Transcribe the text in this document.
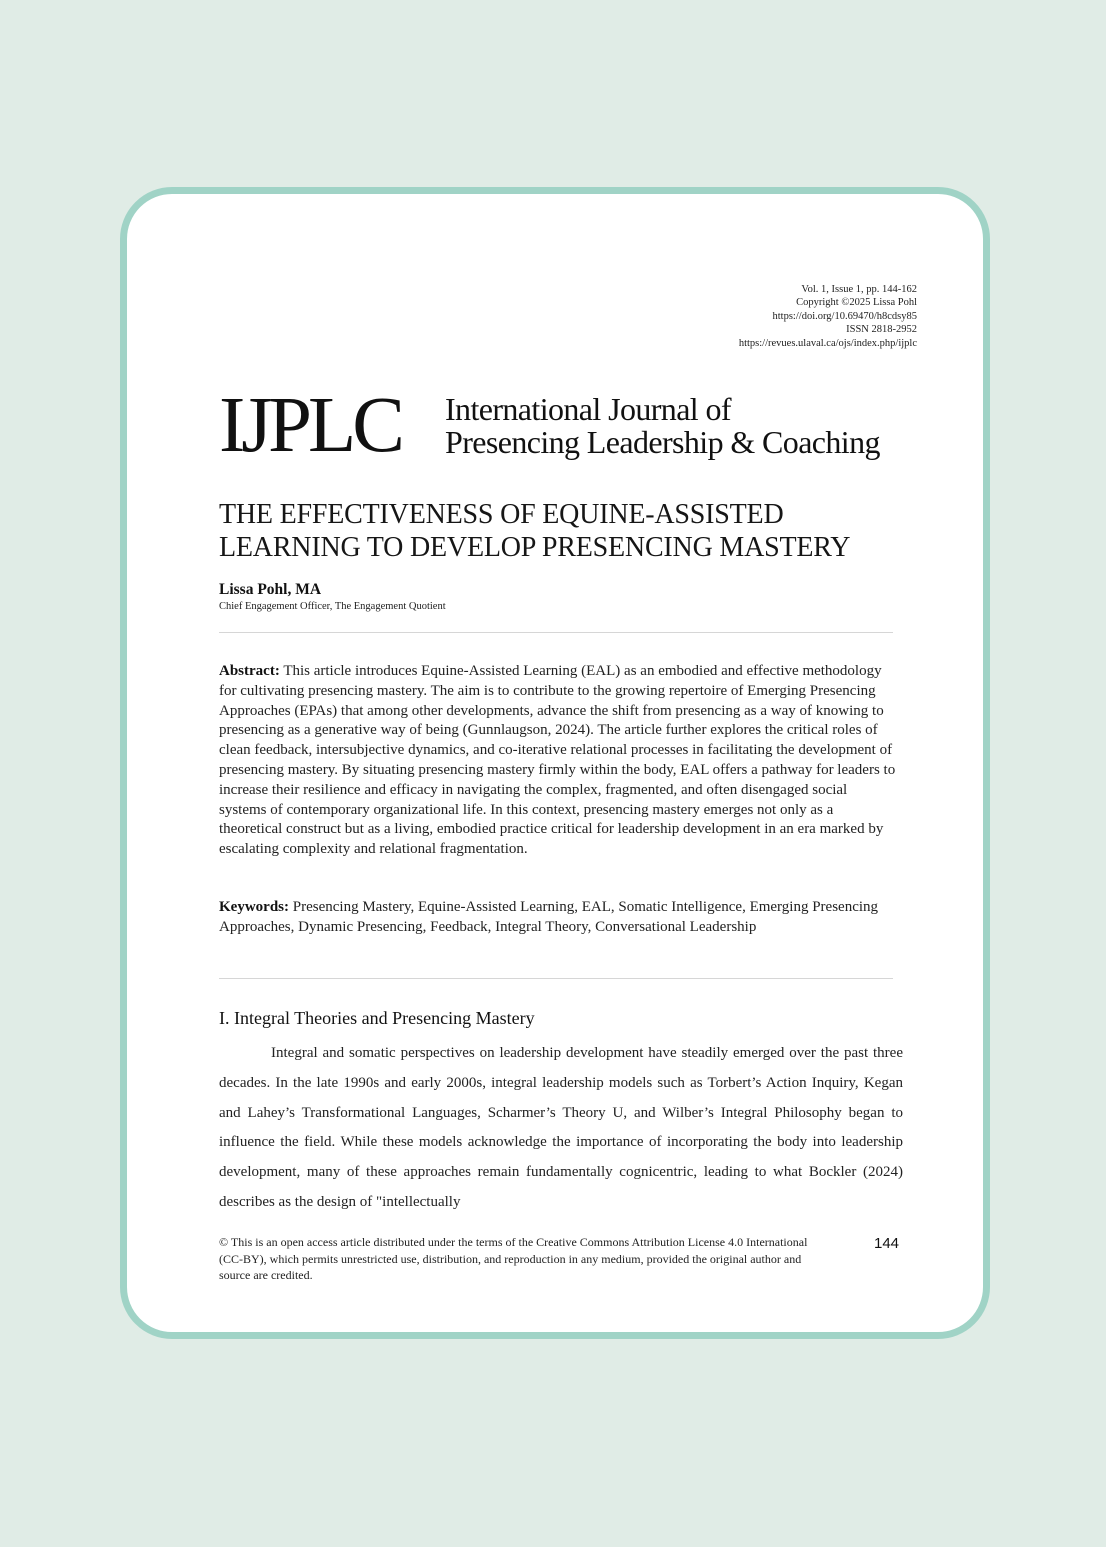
Vol. 1, Issue 1, pp. 144-162
Copyright ©2025 Lissa Pohl
https://doi.org/10.69470/h8cdsy85
ISSN 2818-2952
https://revues.ulaval.ca/ojs/index.php/ijplc
IJPLC International Journal of
Presencing Leadership & Coaching
THE EFFECTIVENESS OF EQUINE-ASSISTED
LEARNING TO DEVELOP PRESENCING MASTERY
Lissa Pohl, MA
Chief Engagement Officer, The Engagement Quotient
Abstract: This article introduces Equine-Assisted Learning (EAL) as an embodied and effective methodology for cultivating presencing mastery. The aim is to contribute to the growing repertoire of Emerging Presencing Approaches (EPAs) that among other developments, advance the shift from presencing as a way of knowing to presencing as a generative way of being (Gunnlaugson, 2024). The article further explores the critical roles of clean feedback, intersubjective dynamics, and co-iterative relational processes in facilitating the development of presencing mastery. By situating presencing mastery firmly within the body, EAL offers a pathway for leaders to increase their resilience and efficacy in navigating the complex, fragmented, and often disengaged social systems of contemporary organizational life. In this context, presencing mastery emerges not only as a theoretical construct but as a living, embodied practice critical for leadership development in an era marked by escalating complexity and relational fragmentation.
Keywords: Presencing Mastery, Equine-Assisted Learning, EAL, Somatic Intelligence, Emerging Presencing Approaches, Dynamic Presencing, Feedback, Integral Theory, Conversational Leadership
I. Integral Theories and Presencing Mastery

Integral and somatic perspectives on leadership development have steadily emerged over the past three decades. In the late 1990s and early 2000s, integral leadership models such as Torbert’s Action Inquiry, Kegan and Lahey’s Transformational Languages, Scharmer’s Theory U, and Wilber’s Integral Philosophy began to influence the field. While these models acknowledge the importance of incorporating the body into leadership development, many of these approaches remain fundamentally cognicentric, leading to what Bockler (2024) describes as the design of "intellectually

© This is an open access article distributed under the terms of the Creative Commons Attribution License 4.0 International (CC-BY), which permits unrestricted use, distribution, and reproduction in any medium, provided the original author and source are credited.
144
